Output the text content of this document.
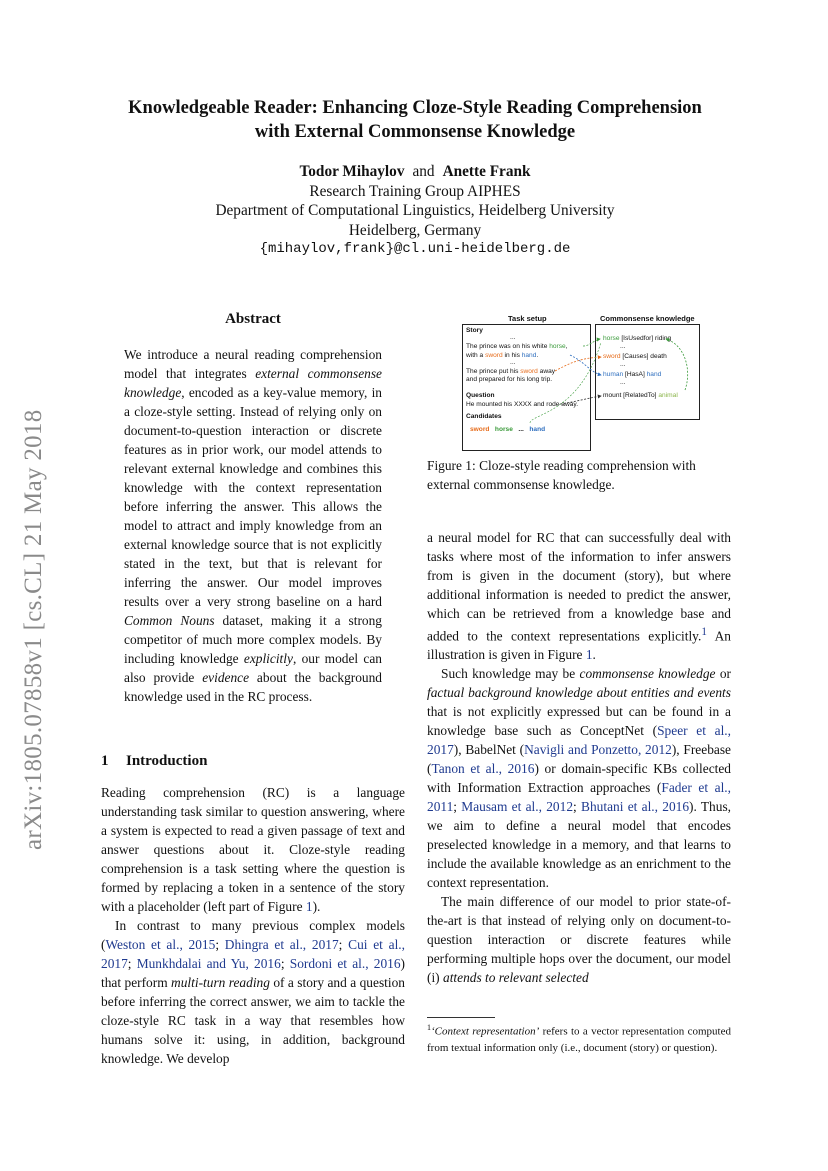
arXiv:1805.07858v1 [cs.CL] 21 May 2018
Knowledgeable Reader: Enhancing Cloze-Style Reading Comprehension
with External Commonsense Knowledge
Todor Mihaylov and Anette Frank
Research Training Group AIPHES
Department of Computational Linguistics, Heidelberg University
Heidelberg, Germany
{mihaylov,frank}@cl.uni-heidelberg.de
Abstract

We introduce a neural reading comprehension model that integrates external commonsense knowledge, encoded as a key-value memory, in a cloze-style setting. Instead of relying only on document-to-question interaction or discrete features as in prior work, our model attends to relevant external knowledge and combines this knowledge with the context representation before inferring the answer. This allows the model to attract and imply knowledge from an external knowledge source that is not explicitly stated in the text, but that is relevant for inferring the answer. Our model improves results over a very strong baseline on a hard Common Nouns dataset, making it a strong competitor of much more complex models. By including knowledge explicitly, our model can also provide evidence about the background knowledge used in the RC process.

1 Introduction

Reading comprehension (RC) is a language understanding task similar to question answering, where a system is expected to read a given passage of text and answer questions about it. Cloze-style reading comprehension is a task setting where the question is formed by replacing a token in a sentence of the story with a placeholder (left part of Figure 1).

In contrast to many previous complex models (Weston et al., 2015; Dhingra et al., 2017; Cui et al., 2017; Munkhdalai and Yu, 2016; Sordoni et al., 2016) that perform multi-turn reading of a story and a question before inferring the correct answer, we aim to tackle the cloze-style RC task in a way that resembles how humans solve it: using, in addition, background knowledge. We develop

Task setup	Commonsense knowledge
Story
...
The prince was on his white horse,
with a sword in his hand.
...
The prince put his sword away
and prepared for his long trip.
Question
He mounted his XXXX and rode away.
Candidates
sword horse ... hand
horse [IsUsedfor] riding
...
sword [Causes] death
...
human [HasA] hand
...
mount [RelatedTo] animal
Figure 1: Cloze-style reading comprehension with external commonsense knowledge.

a neural model for RC that can successfully deal with tasks where most of the information to infer answers from is given in the document (story), but where additional information is needed to predict the answer, which can be retrieved from a knowledge base and added to the context representations explicitly.$^1$ An illustration is given in Figure 1.

Such knowledge may be commonsense knowledge or factual background knowledge about entities and events that is not explicitly expressed but can be found in a knowledge base such as ConceptNet (Speer et al., 2017), BabelNet (Navigli and Ponzetto, 2012), Freebase (Tanon et al., 2016) or domain-specific KBs collected with Information Extraction approaches (Fader et al., 2011; Mausam et al., 2012; Bhutani et al., 2016). Thus, we aim to define a neural model that encodes preselected knowledge in a memory, and that learns to include the available knowledge as an enrichment to the context representation.

The main difference of our model to prior state-of-the-art is that instead of relying only on document-to-question interaction or discrete features while performing multiple hops over the document, our model (i) attends to relevant selected

$^1$‘Context representation’ refers to a vector representation computed from textual information only (i.e., document (story) or question).
